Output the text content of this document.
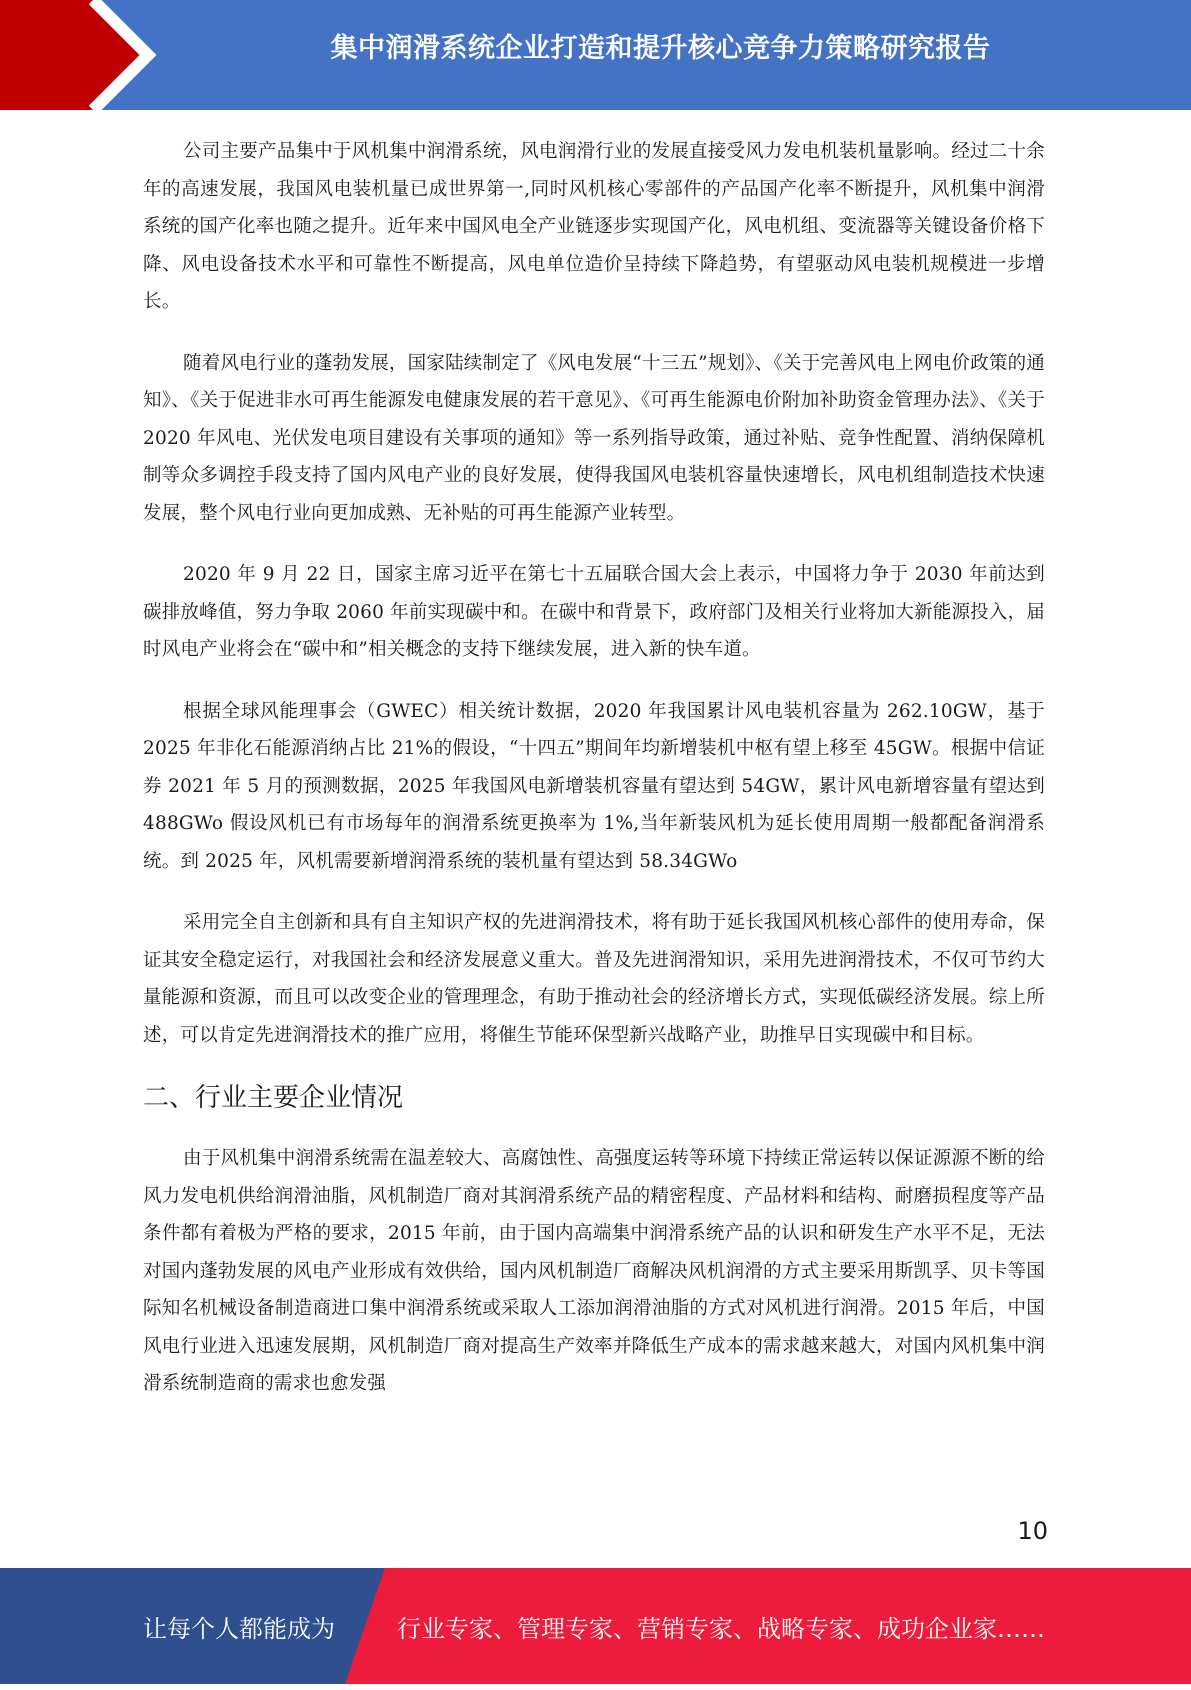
集中润滑系统企业打造和提升核心竞争力策略研究报告

公司主要产品集中于风机集中润滑系统，风电润滑行业的发展直接受风力发电机装机量影响。经过二十余年的高速发展，我国风电装机量已成世界第一,同时风机核心零部件的产品国产化率不断提升，风机集中润滑系统的国产化率也随之提升。近年来中国风电全产业链逐步实现国产化，风电机组、变流器等关键设备价格下降、风电设备技术水平和可靠性不断提高，风电单位造价呈持续下降趋势，有望驱动风电装机规模进一步增长。

随着风电行业的蓬勃发展，国家陆续制定了《风电发展“十三五”规划》、《关于完善风电上网电价政策的通知》、《关于促进非水可再生能源发电健康发展的若干意见》、《可再生能源电价附加补助资金管理办法》、《关于 2020 年风电、光伏发电项目建设有关事项的通知》等一系列指导政策，通过补贴、竞争性配置、消纳保障机制等众多调控手段支持了国内风电产业的良好发展，使得我国风电装机容量快速增长，风电机组制造技术快速发展，整个风电行业向更加成熟、无补贴的可再生能源产业转型。

2020 年 9 月 22 日，国家主席习近平在第七十五届联合国大会上表示，中国将力争于 2030 年前达到碳排放峰值，努力争取 2060 年前实现碳中和。在碳中和背景下，政府部门及相关行业将加大新能源投入，届时风电产业将会在“碳中和”相关概念的支持下继续发展，进入新的快车道。

根据全球风能理事会（GWEC）相关统计数据，2020 年我国累计风电装机容量为 262.10GW，基于 2025 年非化石能源消纳占比 21%的假设，“十四五”期间年均新增装机中枢有望上移至 45GW。根据中信证券 2021 年 5 月的预测数据，2025 年我国风电新增装机容量有望达到 54GW，累计风电新增容量有望达到 488GWo 假设风机已有市场每年的润滑系统更换率为 1%,当年新装风机为延长使用周期一般都配备润滑系统。到 2025 年，风机需要新增润滑系统的装机量有望达到 58.34GWo

采用完全自主创新和具有自主知识产权的先进润滑技术，将有助于延长我国风机核心部件的使用寿命，保证其安全稳定运行，对我国社会和经济发展意义重大。普及先进润滑知识，采用先进润滑技术，不仅可节约大量能源和资源，而且可以改变企业的管理理念，有助于推动社会的经济增长方式，实现低碳经济发展。综上所述，可以肯定先进润滑技术的推广应用，将催生节能环保型新兴战略产业，助推早日实现碳中和目标。

二、行业主要企业情况

由于风机集中润滑系统需在温差较大、高腐蚀性、高强度运转等环境下持续正常运转以保证源源不断的给风力发电机供给润滑油脂，风机制造厂商对其润滑系统产品的精密程度、产品材料和结构、耐磨损程度等产品条件都有着极为严格的要求，2015 年前，由于国内高端集中润滑系统产品的认识和研发生产水平不足，无法对国内蓬勃发展的风电产业形成有效供给，国内风机制造厂商解决风机润滑的方式主要采用斯凯孚、贝卡等国际知名机械设备制造商进口集中润滑系统或采取人工添加润滑油脂的方式对风机进行润滑。2015 年后，中国风电行业进入迅速发展期，风机制造厂商对提高生产效率并降低生产成本的需求越来越大，对国内风机集中润滑系统制造商的需求也愈发强

10
让每个人都能成为	行业专家、管理专家、营销专家、战略专家、成功企业家……
